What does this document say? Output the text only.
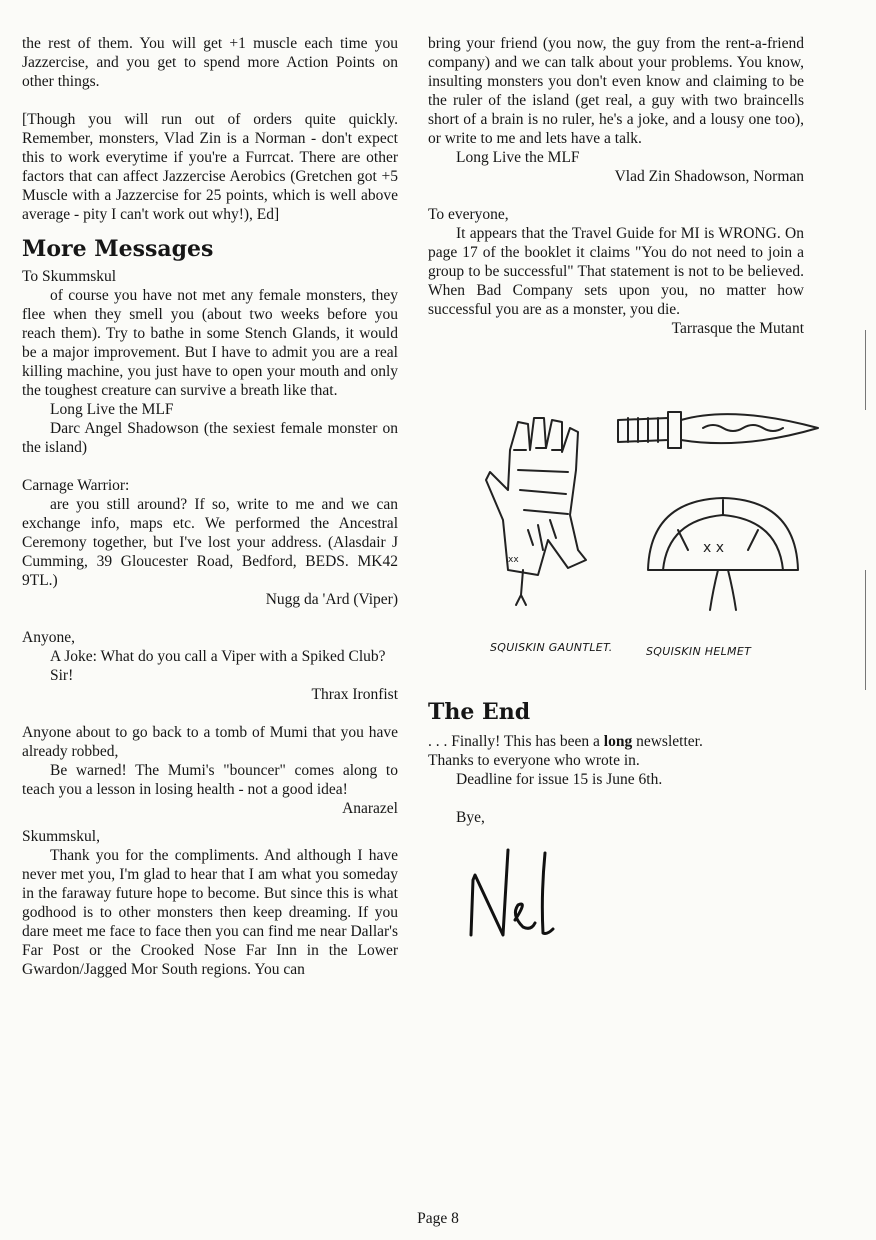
the rest of them. You will get +1 muscle each time you Jazzercise, and you get to spend more Action Points on other things.

[Though you will run out of orders quite quickly. Remember, monsters, Vlad Zin is a Norman - don't expect this to work everytime if you're a Furrcat. There are other factors that can affect Jazzercise Aerobics (Gretchen got +5 Muscle with a Jazzercise for 25 points, which is well above average - pity I can't work out why!), Ed]

More Messages

To Skummskul

of course you have not met any female monsters, they flee when they smell you (about two weeks before you reach them). Try to bathe in some Stench Glands, it would be a major improvement. But I have to admit you are a real killing machine, you just have to open your mouth and only the toughest creature can survive a breath like that.

Long Live the MLF

Darc Angel Shadowson (the sexiest female monster on the island)

Carnage Warrior:

are you still around? If so, write to me and we can exchange info, maps etc. We performed the Ancestral Ceremony together, but I've lost your address. (Alasdair J Cumming, 39 Gloucester Road, Bedford, BEDS. MK42 9TL.)

Nugg da 'Ard (Viper)

Anyone,

A Joke: What do you call a Viper with a Spiked Club?

Sir!

Thrax Ironfist

Anyone about to go back to a tomb of Mumi that you have already robbed,

Be warned! The Mumi's "bouncer" comes along to teach you a lesson in losing health - not a good idea!

Anarazel

Skummskul,

Thank you for the compliments. And although I have never met you, I'm glad to hear that I am what you someday in the faraway future hope to become. But since this is what godhood is to other monsters then keep dreaming. If you dare meet me face to face then you can find me near Dallar's Far Post or the Crooked Nose Far Inn in the Lower Gwardon/Jagged Mor South regions. You can

bring your friend (you now, the guy from the rent-a-friend company) and we can talk about your problems. You know, insulting monsters you don't even know and claiming to be the ruler of the island (get real, a guy with two braincells short of a brain is no ruler, he's a joke, and a lousy one too), or write to me and lets have a talk.

Long Live the MLF

Vlad Zin Shadowson, Norman

To everyone,

It appears that the Travel Guide for MI is WRONG. On page 17 of the booklet it claims "You do not need to join a group to be successful" That statement is not to be believed. When Bad Company sets upon you, no matter how successful you are as a monster, you die.

Tarrasque the Mutant

xx
x x
SQUISKIN GAUNTLET.	SQUISKIN HELMET
The End

. . . Finally! This has been a long newsletter.

Thanks to everyone who wrote in.

Deadline for issue 15 is June 6th.

Bye,

Page 8
